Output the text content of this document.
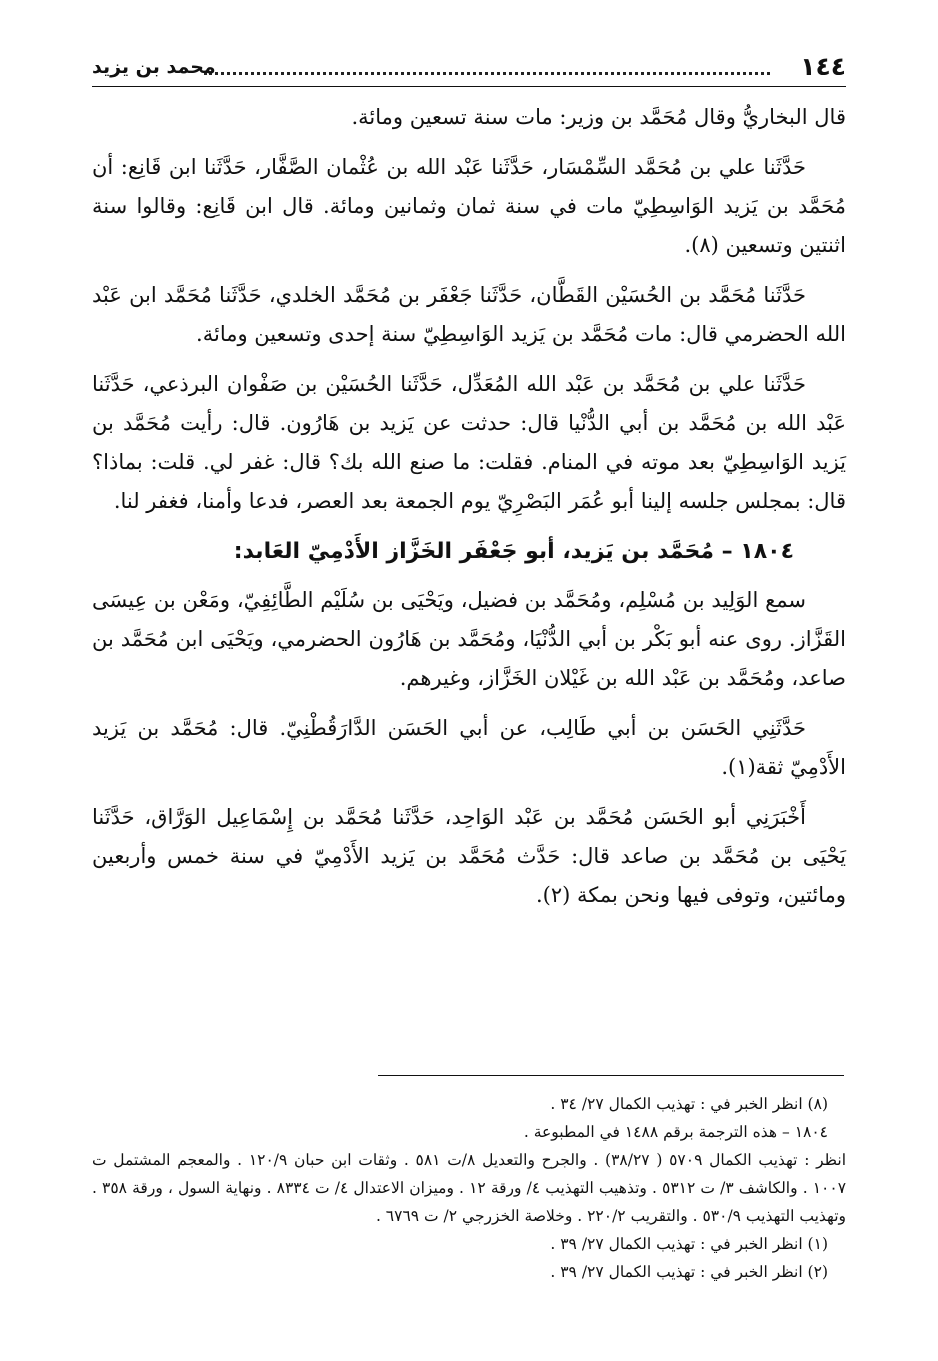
١٤٤
محمد بن يزيد

قال البخاريُّ وقال مُحَمَّد بن وزير: مات سنة تسعين ومائة.

حَدَّثَنا علي بن مُحَمَّد السِّمْسَار، حَدَّثَنا عَبْد الله بن عُثْمان الصَّفَّار، حَدَّثَنا ابن قَانِع: أن مُحَمَّد بن يَزيد الوَاسِطِيّ مات في سنة ثمان وثمانين ومائة. قال ابن قَانِع: وقالوا سنة اثنتين وتسعين (٨).

حَدَّثَنا مُحَمَّد بن الحُسَيْن القَطَّان، حَدَّثَنا جَعْفَر بن مُحَمَّد الخلدي، حَدَّثَنا مُحَمَّد ابن عَبْد الله الحضرمي قال: مات مُحَمَّد بن يَزيد الوَاسِطِيّ سنة إحدى وتسعين ومائة.

حَدَّثَنا علي بن مُحَمَّد بن عَبْد الله المُعَدِّل، حَدَّثَنا الحُسَيْن بن صَفْوان البرذعي، حَدَّثَنا عَبْد الله بن مُحَمَّد بن أبي الدُّنْيا قال: حدثت عن يَزيد بن هَارُون. قال: رأيت مُحَمَّد بن يَزيد الوَاسِطِيّ بعد موته في المنام. فقلت: ما صنع الله بك؟ قال: غفر لي. قلت: بماذا؟ قال: بمجلس جلسه إلينا أبو عُمَر البَصْرِيّ يوم الجمعة بعد العصر، فدعا وأمنا، فغفر لنا.

١٨٠٤ – مُحَمَّد بن يَزيد، أبو جَعْفَر الخَزَّاز الأَدْمِيّ العَابد:

سمع الوَلِيد بن مُسْلِم، ومُحَمَّد بن فضيل، ويَحْيَى بن سُلَيْم الطَّائِفِيّ، ومَعْن بن عِيسَى القَزَّاز. روى عنه أبو بَكْر بن أبي الدُّنْيَا، ومُحَمَّد بن هَارُون الحضرمي، ويَحْيَى ابن مُحَمَّد بن صاعد، ومُحَمَّد بن عَبْد الله بن غَيْلان الخَزَّاز، وغيرهم.

حَدَّثَنِي الحَسَن بن أبي طَالِب، عن أبي الحَسَن الدَّارَقُطْنِيّ. قال: مُحَمَّد بن يَزيد الأَدْمِيّ ثقة(١).

أَخْبَرَنِي أبو الحَسَن مُحَمَّد بن عَبْد الوَاحِد، حَدَّثَنا مُحَمَّد بن إِسْمَاعِيل الوَرَّاق، حَدَّثَنا يَحْيَى بن مُحَمَّد بن صاعد قال: حَدَّث مُحَمَّد بن يَزيد الأَدْمِيّ في سنة خمس وأربعين ومائتين، وتوفى فيها ونحن بمكة (٢).

(٨) انظر الخبر في : تهذيب الكمال ٢٧/ ٣٤ .

١٨٠٤ – هذه الترجمة برقم ١٤٨٨ في المطبوعة .

انظر : تهذيب الكمال ٥٧٠٩ ( ٣٨/٢٧) . والجرح والتعديل ٨/ت ٥٨١ . وثقات ابن حبان ١٢٠/٩ . والمعجم المشتمل ت ١٠٠٧ . والكاشف ٣/ ت ٥٣١٢ . وتذهيب التهذيب ٤/ ورقة ١٢ . وميزان الاعتدال ٤/ ت ٨٣٣٤ . ونهاية السول ، ورقة ٣٥٨ . وتهذيب التهذيب ٥٣٠/٩ . والتقريب ٢٢٠/٢ . وخلاصة الخزرجي ٢/ ت ٦٧٦٩ .

(١) انظر الخبر في : تهذيب الكمال ٢٧/ ٣٩ .

(٢) انظر الخبر في : تهذيب الكمال ٢٧/ ٣٩ .
